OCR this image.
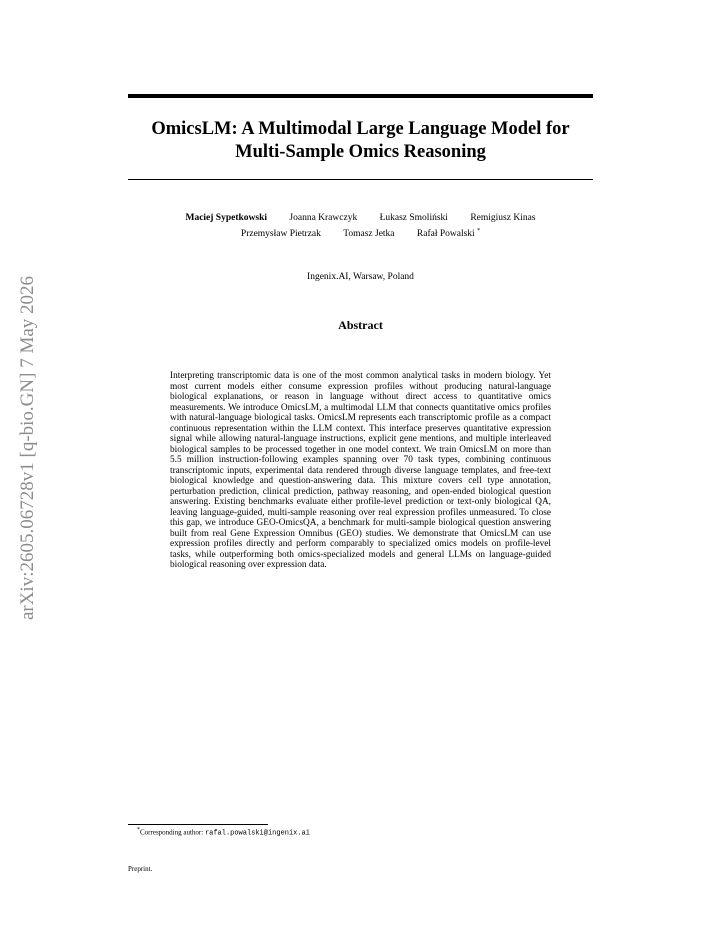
arXiv:2605.06728v1 [q-bio.GN] 7 May 2026
OmicsLM: A Multimodal Large Language Model for
Multi-Sample Omics Reasoning
Maciej Sypetkowski Joanna Krawczyk Łukasz Smoliński Remigiusz Kinas
Przemysław Pietrzak Tomasz Jetka Rafał Powalski *
Ingenix.AI, Warsaw, Poland
Abstract
Interpreting transcriptomic data is one of the most common analytical tasks in modern biology. Yet most current models either consume expression profiles without producing natural-language biological explanations, or reason in language without direct access to quantitative omics measurements. We introduce OmicsLM, a multimodal LLM that connects quantitative omics profiles with natural-language biological tasks. OmicsLM represents each transcriptomic profile as a compact continuous representation within the LLM context. This interface preserves quantitative expression signal while allowing natural-language instructions, explicit gene mentions, and multiple interleaved biological samples to be processed together in one model context. We train OmicsLM on more than 5.5 million instruction-following examples spanning over 70 task types, combining continuous transcriptomic inputs, experimental data rendered through diverse language templates, and free-text biological knowledge and question-answering data. This mixture covers cell type annotation, perturbation prediction, clinical prediction, pathway reasoning, and open-ended biological question answering. Existing benchmarks evaluate either profile-level prediction or text-only biological QA, leaving language-guided, multi-sample reasoning over real expression profiles unmeasured. To close this gap, we introduce GEO-OmicsQA, a benchmark for multi-sample biological question answering built from real Gene Expression Omnibus (GEO) studies. We demonstrate that OmicsLM can use expression profiles directly and perform comparably to specialized omics models on profile-level tasks, while outperforming both omics-specialized models and general LLMs on language-guided biological reasoning over expression data.
*Corresponding author: rafal.powalski@ingenix.ai
Preprint.
